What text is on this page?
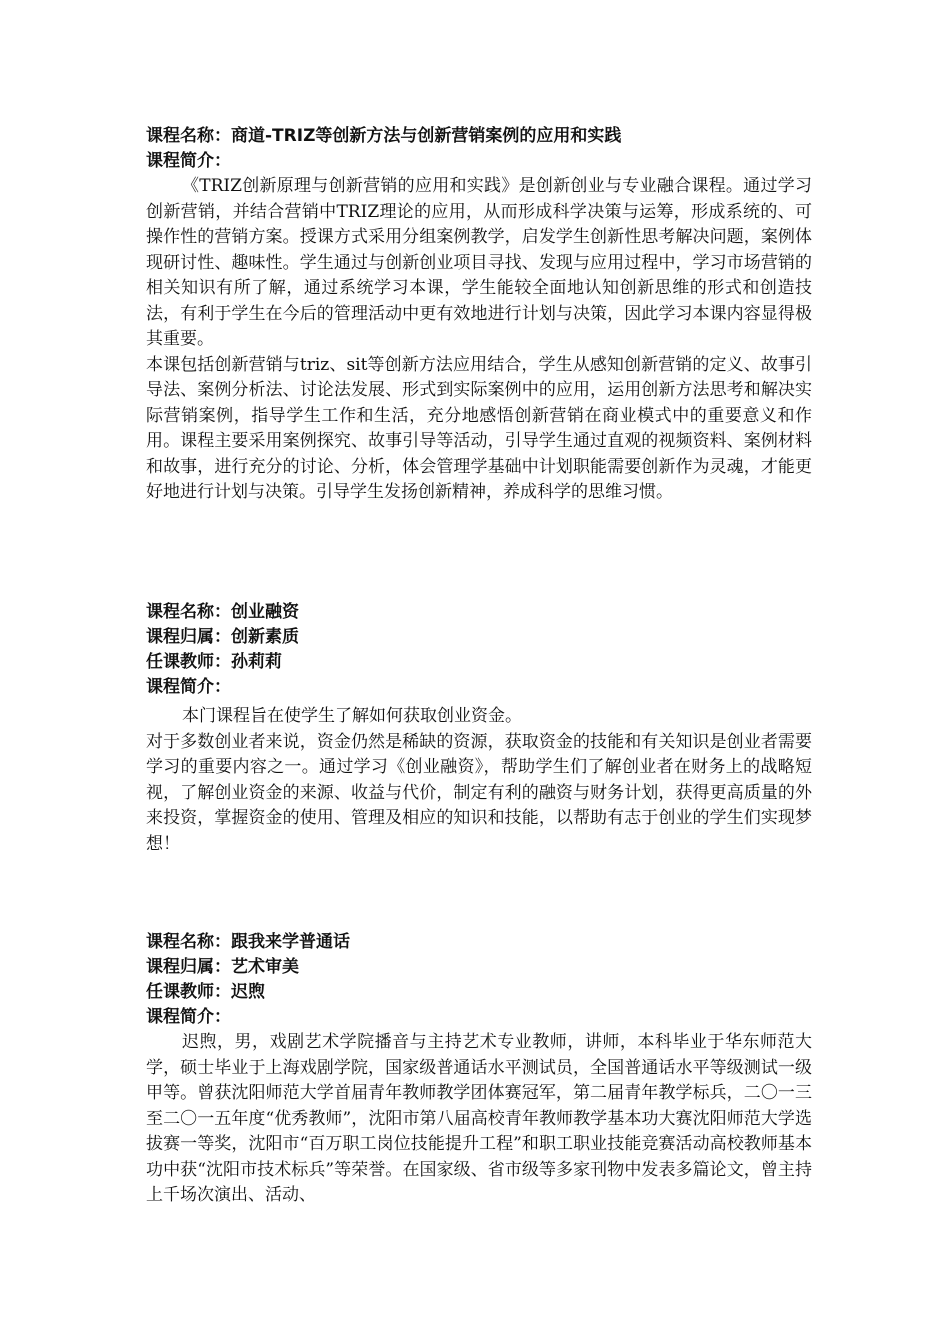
课程名称：商道-TRIZ等创新方法与创新营销案例的应用和实践
课程简介：

《TRIZ创新原理与创新营销的应用和实践》是创新创业与专业融合课程。通过学习创新营销，并结合营销中TRIZ理论的应用，从而形成科学决策与运筹，形成系统的、可操作性的营销方案。授课方式采用分组案例教学，启发学生创新性思考解决问题，案例体现研讨性、趣味性。学生通过与创新创业项目寻找、发现与应用过程中，学习市场营销的相关知识有所了解，通过系统学习本课，学生能较全面地认知创新思维的形式和创造技法，有利于学生在今后的管理活动中更有效地进行计划与决策，因此学习本课内容显得极其重要。

本课包括创新营销与triz、sit等创新方法应用结合，学生从感知创新营销的定义、故事引导法、案例分析法、讨论法发展、形式到实际案例中的应用，运用创新方法思考和解决实际营销案例，指导学生工作和生活，充分地感悟创新营销在商业模式中的重要意义和作用。课程主要采用案例探究、故事引导等活动，引导学生通过直观的视频资料、案例材料和故事，进行充分的讨论、分析，体会管理学基础中计划职能需要创新作为灵魂，才能更好地进行计划与决策。引导学生发扬创新精神，养成科学的思维习惯。

课程名称：创业融资
课程归属：创新素质
任课教师：孙莉莉
课程简介：

本门课程旨在使学生了解如何获取创业资金。

对于多数创业者来说，资金仍然是稀缺的资源，获取资金的技能和有关知识是创业者需要学习的重要内容之一。通过学习《创业融资》，帮助学生们了解创业者在财务上的战略短视，了解创业资金的来源、收益与代价，制定有利的融资与财务计划，获得更高质量的外来投资，掌握资金的使用、管理及相应的知识和技能，以帮助有志于创业的学生们实现梦想！

课程名称：跟我来学普通话
课程归属：艺术审美
任课教师：迟煦
课程简介：

迟煦，男，戏剧艺术学院播音与主持艺术专业教师，讲师，本科毕业于华东师范大学，硕士毕业于上海戏剧学院，国家级普通话水平测试员，全国普通话水平等级测试一级甲等。曾获沈阳师范大学首届青年教师教学团体赛冠军，第二届青年教学标兵，二〇一三至二〇一五年度“优秀教师”，沈阳市第八届高校青年教师教学基本功大赛沈阳师范大学选拔赛一等奖，沈阳市“百万职工岗位技能提升工程”和职工职业技能竞赛活动高校教师基本功中获“沈阳市技术标兵”等荣誉。在国家级、省市级等多家刊物中发表多篇论文，曾主持上千场次演出、活动、
